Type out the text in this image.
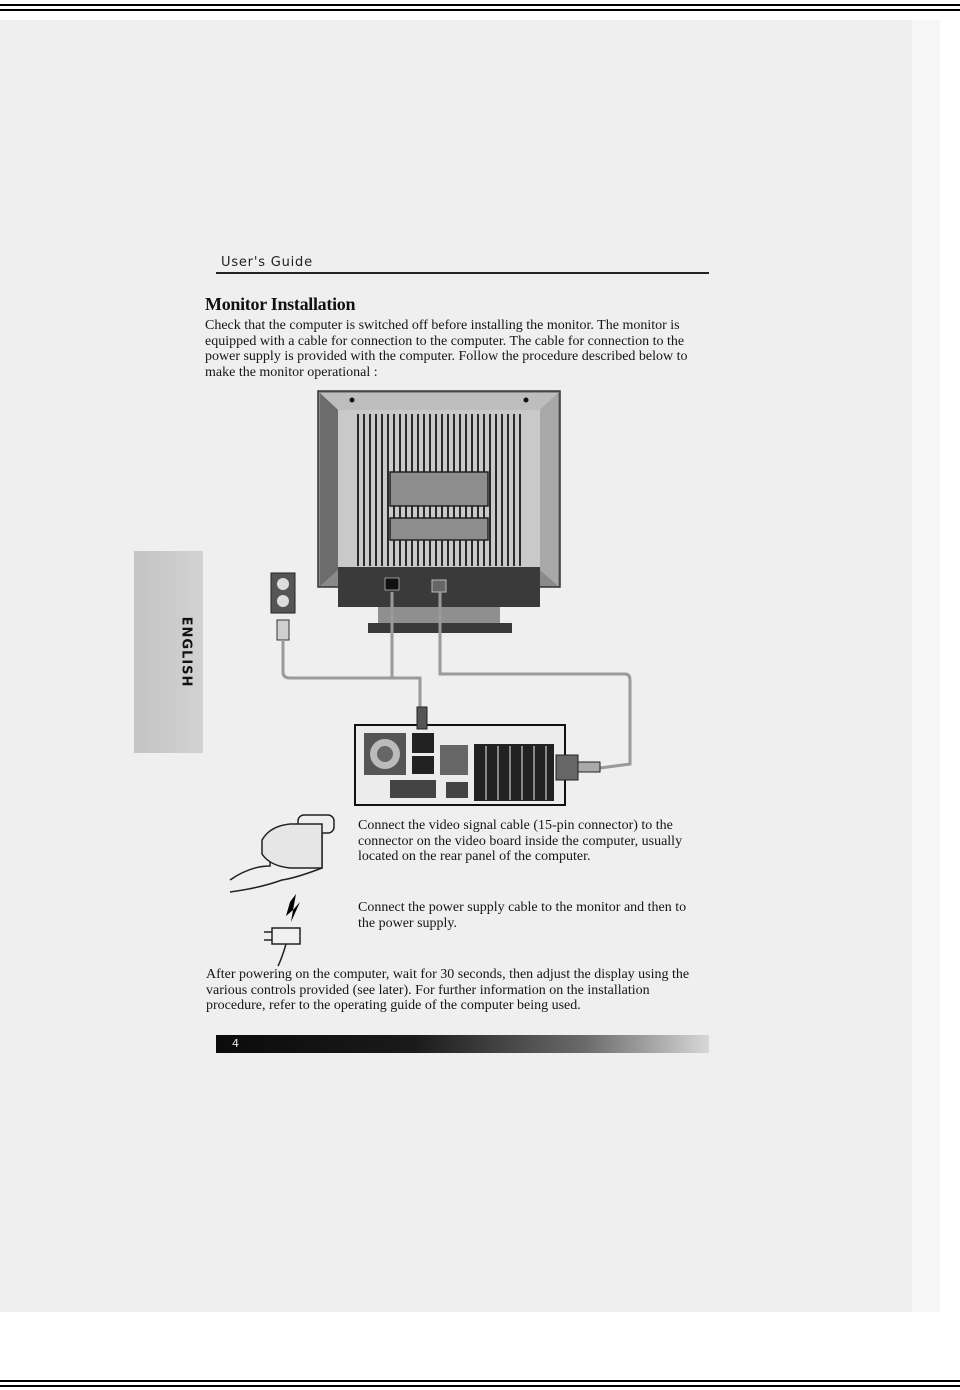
User's Guide
Monitor Installation

Check that the computer is switched off before installing the monitor. The monitor is equipped with a cable for connection to the computer. The cable for connection to the power supply is provided with the computer. Follow the procedure described below to make the monitor operational :

ENGLISH

Connect the video signal cable (15-pin connector) to the connector on the video board inside the computer, usually located on the rear panel of the computer.

Connect the power supply cable to the monitor and then to the power supply.

After powering on the computer, wait for 30 seconds, then adjust the display using the various controls provided (see later). For further information on the installation procedure, refer to the operating guide of the computer being used.

4
